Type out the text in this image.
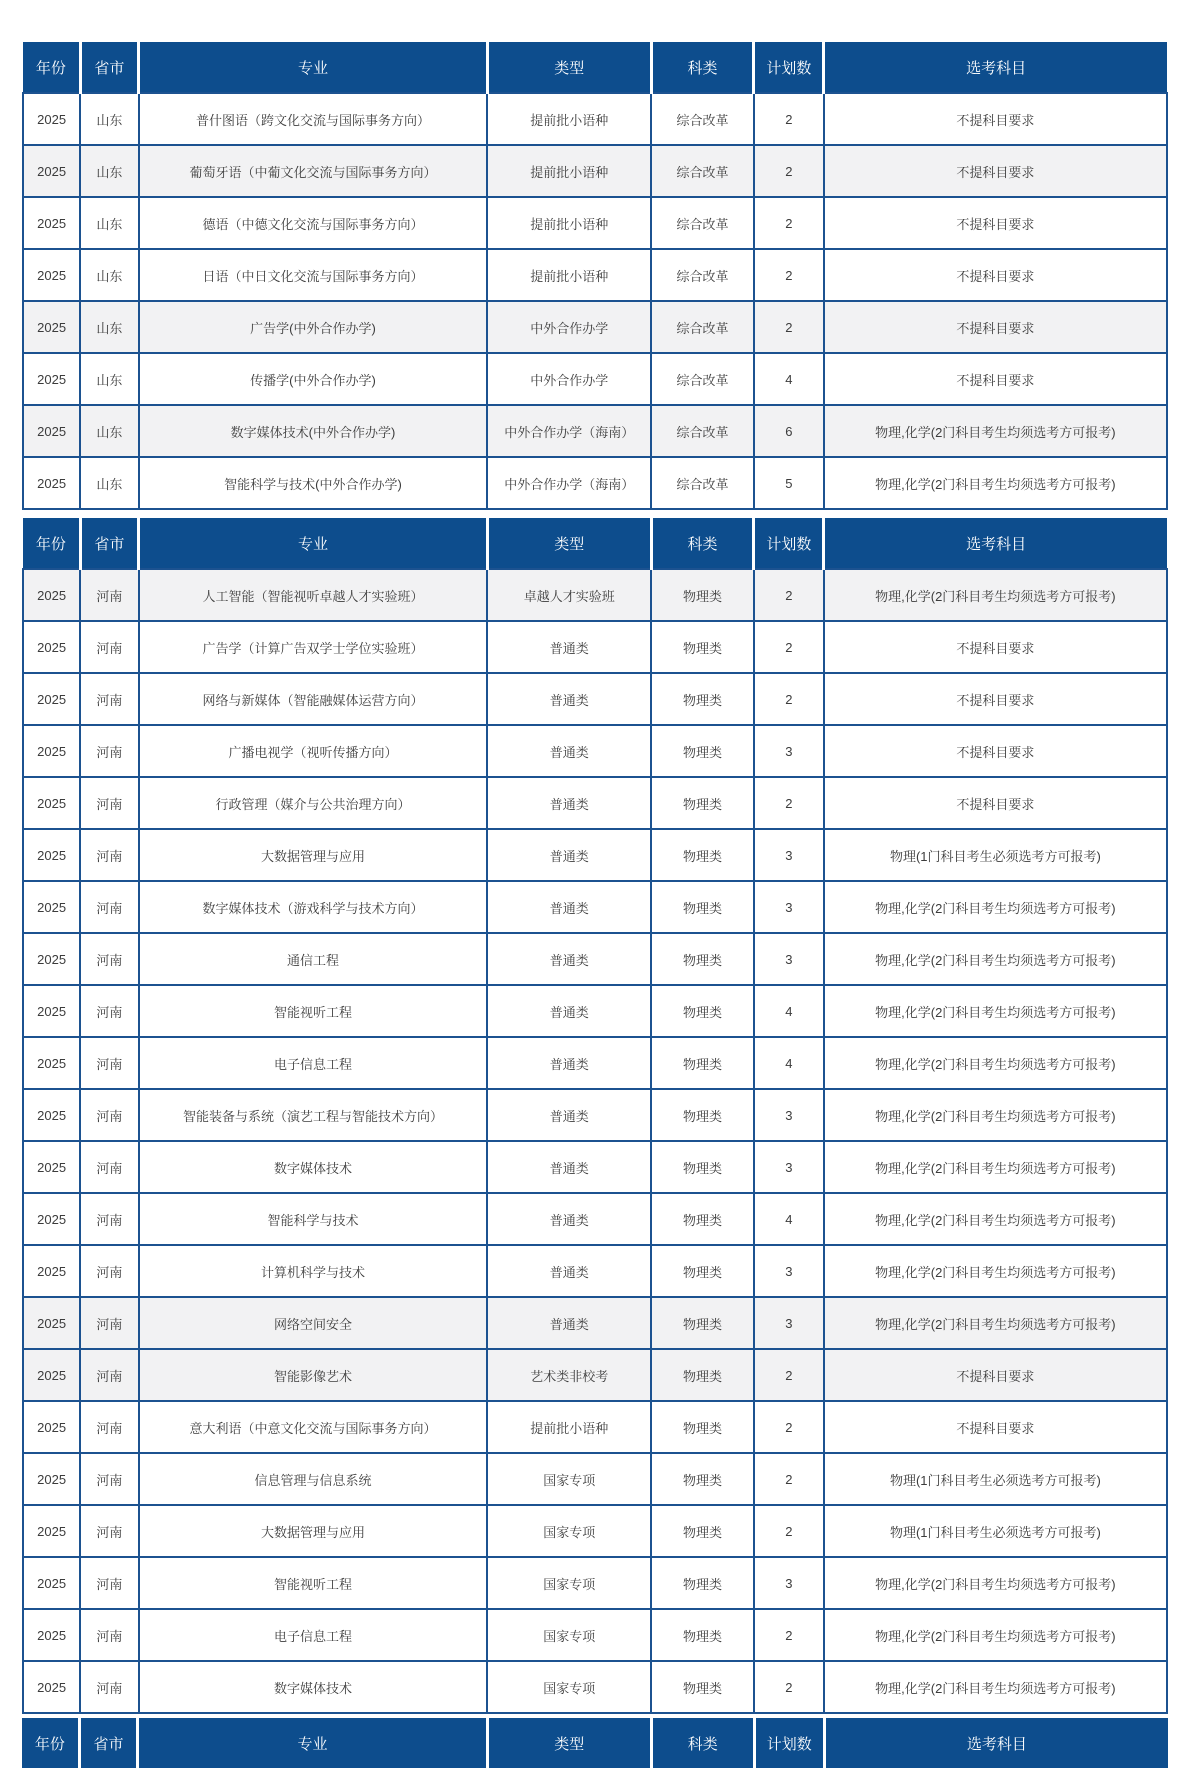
年份	省市	专业	类型	科类	计划数	选考科目
2025	山东	普什图语（跨文化交流与国际事务方向）	提前批小语种	综合改革	2	不提科目要求
2025	山东	葡萄牙语（中葡文化交流与国际事务方向）	提前批小语种	综合改革	2	不提科目要求
2025	山东	德语（中德文化交流与国际事务方向）	提前批小语种	综合改革	2	不提科目要求
2025	山东	日语（中日文化交流与国际事务方向）	提前批小语种	综合改革	2	不提科目要求
2025	山东	广告学(中外合作办学)	中外合作办学	综合改革	2	不提科目要求
2025	山东	传播学(中外合作办学)	中外合作办学	综合改革	4	不提科目要求
2025	山东	数字媒体技术(中外合作办学)	中外合作办学（海南）	综合改革	6	物理,化学(2门科目考生均须选考方可报考)
2025	山东	智能科学与技术(中外合作办学)	中外合作办学（海南）	综合改革	5	物理,化学(2门科目考生均须选考方可报考)
年份	省市	专业	类型	科类	计划数	选考科目
2025	河南	人工智能（智能视听卓越人才实验班）	卓越人才实验班	物理类	2	物理,化学(2门科目考生均须选考方可报考)
2025	河南	广告学（计算广告双学士学位实验班）	普通类	物理类	2	不提科目要求
2025	河南	网络与新媒体（智能融媒体运营方向）	普通类	物理类	2	不提科目要求
2025	河南	广播电视学（视听传播方向）	普通类	物理类	3	不提科目要求
2025	河南	行政管理（媒介与公共治理方向）	普通类	物理类	2	不提科目要求
2025	河南	大数据管理与应用	普通类	物理类	3	物理(1门科目考生必须选考方可报考)
2025	河南	数字媒体技术（游戏科学与技术方向）	普通类	物理类	3	物理,化学(2门科目考生均须选考方可报考)
2025	河南	通信工程	普通类	物理类	3	物理,化学(2门科目考生均须选考方可报考)
2025	河南	智能视听工程	普通类	物理类	4	物理,化学(2门科目考生均须选考方可报考)
2025	河南	电子信息工程	普通类	物理类	4	物理,化学(2门科目考生均须选考方可报考)
2025	河南	智能装备与系统（演艺工程与智能技术方向）	普通类	物理类	3	物理,化学(2门科目考生均须选考方可报考)
2025	河南	数字媒体技术	普通类	物理类	3	物理,化学(2门科目考生均须选考方可报考)
2025	河南	智能科学与技术	普通类	物理类	4	物理,化学(2门科目考生均须选考方可报考)
2025	河南	计算机科学与技术	普通类	物理类	3	物理,化学(2门科目考生均须选考方可报考)
2025	河南	网络空间安全	普通类	物理类	3	物理,化学(2门科目考生均须选考方可报考)
2025	河南	智能影像艺术	艺术类非校考	物理类	2	不提科目要求
2025	河南	意大利语（中意文化交流与国际事务方向）	提前批小语种	物理类	2	不提科目要求
2025	河南	信息管理与信息系统	国家专项	物理类	2	物理(1门科目考生必须选考方可报考)
2025	河南	大数据管理与应用	国家专项	物理类	2	物理(1门科目考生必须选考方可报考)
2025	河南	智能视听工程	国家专项	物理类	3	物理,化学(2门科目考生均须选考方可报考)
2025	河南	电子信息工程	国家专项	物理类	2	物理,化学(2门科目考生均须选考方可报考)
2025	河南	数字媒体技术	国家专项	物理类	2	物理,化学(2门科目考生均须选考方可报考)
年份	省市	专业	类型	科类	计划数	选考科目
